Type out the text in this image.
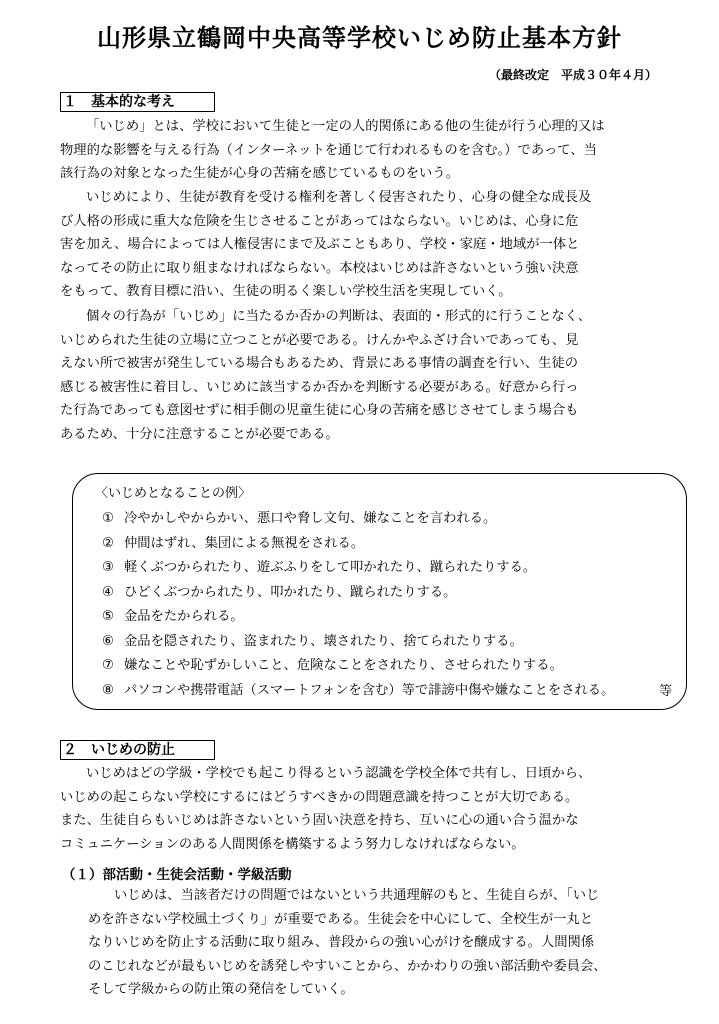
山形県立鶴岡中央高等学校いじめ防止基本方針
（最終改定　平成３０年４月）
１　基本的な考え

「いじめ」とは、学校において生徒と一定の人的関係にある他の生徒が行う心理的又は
物理的な影響を与える行為（インターネットを通じて行われるものを含む。）であって、当
該行為の対象となった生徒が心身の苦痛を感じているものをいう。

いじめにより、生徒が教育を受ける権利を著しく侵害されたり、心身の健全な成長及
び人格の形成に重大な危険を生じさせることがあってはならない。いじめは、心身に危
害を加え、場合によっては人権侵害にまで及ぶこともあり、学校・家庭・地域が一体と
なってその防止に取り組まなければならない。本校はいじめは許さないという強い決意
をもって、教育目標に沿い、生徒の明るく楽しい学校生活を実現していく。

個々の行為が「いじめ」に当たるか否かの判断は、表面的・形式的に行うことなく、
いじめられた生徒の立場に立つことが必要である。けんかやふざけ合いであっても、見
えない所で被害が発生している場合もあるため、背景にある事情の調査を行い、生徒の
感じる被害性に着目し、いじめに該当するか否かを判断する必要がある。好意から行っ
た行為であっても意図せずに相手側の児童生徒に心身の苦痛を感じさせてしまう場合も
あるため、十分に注意することが必要である。

〈いじめとなることの例〉
① 冷やかしやからかい、悪口や脅し文句、嫌なことを言われる。
② 仲間はずれ、集団による無視をされる。
③ 軽くぶつかられたり、遊ぶふりをして叩かれたり、蹴られたりする。
④ ひどくぶつかられたり、叩かれたり、蹴られたりする。
⑤ 金品をたかられる。
⑥ 金品を隠されたり、盗まれたり、壊されたり、捨てられたりする。
⑦ 嫌なことや恥ずかしいこと、危険なことをされたり、させられたりする。
⑧ パソコンや携帯電話（スマートフォンを含む）等で誹謗中傷や嫌なことをされる。	等
２　いじめの防止

いじめはどの学級・学校でも起こり得るという認識を学校全体で共有し、日頃から、
いじめの起こらない学校にするにはどうすべきかの問題意識を持つことが大切である。
また、生徒自らもいじめは許さないという固い決意を持ち、互いに心の通い合う温かな
コミュニケーションのある人間関係を構築するよう努力しなければならない。

（１）部活動・生徒会活動・学級活動

いじめは、当該者だけの問題ではないという共通理解のもと、生徒自らが、「いじ
めを許さない学校風土づくり」が重要である。生徒会を中心にして、全校生が一丸と
なりいじめを防止する活動に取り組み、普段からの強い心がけを醸成する。人間関係
のこじれなどが最もいじめを誘発しやすいことから、かかわりの強い部活動や委員会、
そして学級からの防止策の発信をしていく。
